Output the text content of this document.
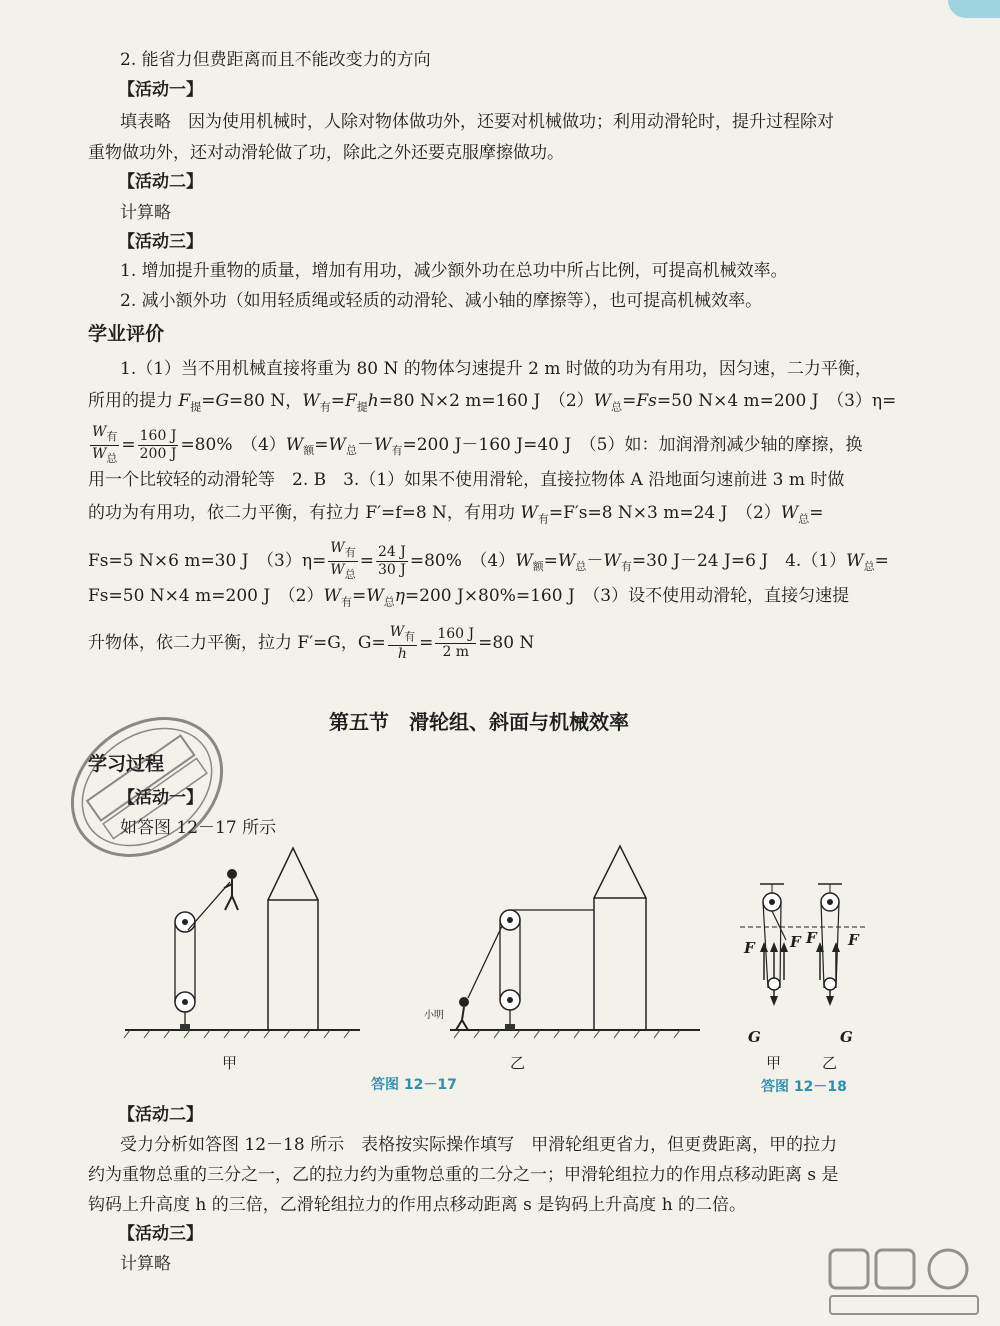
2. 能省力但费距离而且不能改变力的方向
【活动一】
填表略　因为使用机械时，人除对物体做功外，还要对机械做功；利用动滑轮时，提升过程除对
重物做功外，还对动滑轮做了功，除此之外还要克服摩擦做功。
【活动二】
计算略
【活动三】
1. 增加提升重物的质量，增加有用功，减少额外功在总功中所占比例，可提高机械效率。
2. 减小额外功（如用轻质绳或轻质的动滑轮、减小轴的摩擦等），也可提高机械效率。
学业评价
1.（1）当不用机械直接将重为 80 N 的物体匀速提升 2 m 时做的功为有用功，因匀速，二力平衡，
所用的提力 $F_提=G=80$ N，$W_有=F_提h=80$ N×2 m=160 J　$(2)W_总=Fs=50$ N×4 m=200 J　（3）η=
$\frac{W_有}{W_总} = \frac{160 J}{200 J} =80\%$　$(4)W_额=W_总-W_有=200$ J－160 J=40 J　（5）如：加润滑剂减少轴的摩擦，换
用一个比较轻的动滑轮等　2. B　3.（1）如果不使用滑轮，直接拉物体 A 沿地面匀速前进 3 m 时做
的功为有用功，依二力平衡，有拉力 F′=f=8 N，有用功 $W_有=F's=8$ N×3 m=24 J　$(2)W_总=$
Fs=5 N×6 m=30 J　$(3)\eta= \frac{W_有}{W_总} = \frac{24 J}{30 J} =80\%$　$(4)W_额=W_总-W_有=30$ J－24 J=6 J　$4.(1)W_总=$
Fs=50 N×4 m=200 J　$(2)W_有=W_总\eta=200$ J×80%=160 J　（3）设不使用动滑轮，直接匀速提
升物体，依二力平衡，拉力 F′=G，$G= \frac{W_有}{h} = \frac{160 J}{2 m} =80$ N
第五节　滑轮组、斜面与机械效率
学习过程
【活动一】
如答图 12－17 所示
甲
小明
乙
答图 12－17
F F F F
G	G
甲	乙
答图 12－18
【活动二】
受力分析如答图 12－18 所示　表格按实际操作填写　甲滑轮组更省力，但更费距离，甲的拉力
约为重物总重的三分之一，乙的拉力约为重物总重的二分之一；甲滑轮组拉力的作用点移动距离 s 是
钩码上升高度 h 的三倍，乙滑轮组拉力的作用点移动距离 s 是钩码上升高度 h 的二倍。
【活动三】
计算略
